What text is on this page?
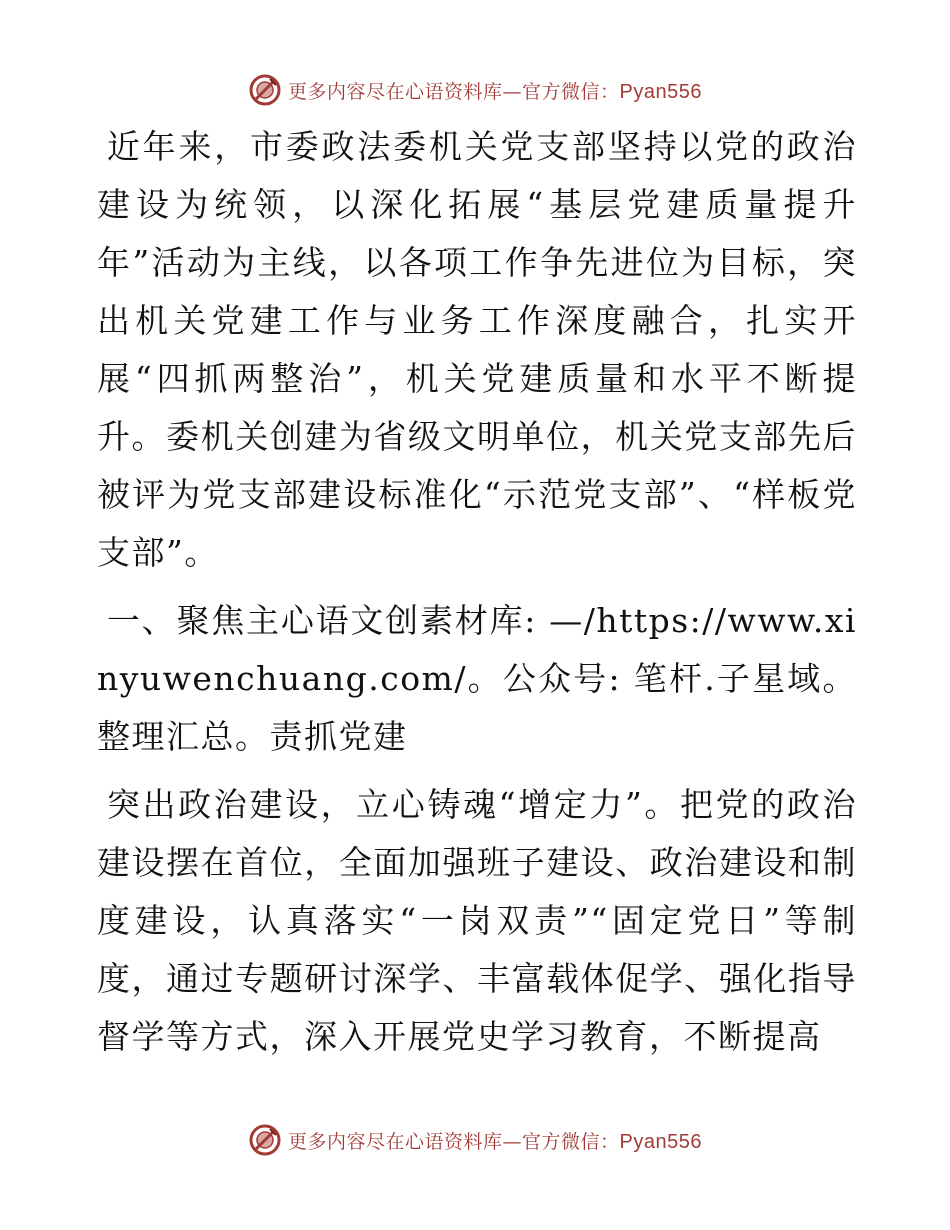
更多内容尽在心语资料库—官方微信：Pyan556

近年来，市委政法委机关党支部坚持以党的政治建设为统领，以深化拓展“基层党建质量提升年”活动为主线，以各项工作争先进位为目标，突出机关党建工作与业务工作深度融合，扎实开展“四抓两整治”，机关党建质量和水平不断提升。委机关创建为省级文明单位，机关党支部先后被评为党支部建设标准化“示范党支部”、“样板党支部”。

一、聚焦主心语文创素材库: —/https://www.xinyuwenchuang.com/。公众号: 笔杆.子星域。整理汇总。责抓党建

突出政治建设，立心铸魂“增定力”。把党的政治建设摆在首位，全面加强班子建设、政治建设和制度建设，认真落实“一岗双责”“固定党日”等制度，通过专题研讨深学、丰富载体促学、强化指导督学等方式，深入开展党史学习教育，不断提高

更多内容尽在心语资料库—官方微信：Pyan556
